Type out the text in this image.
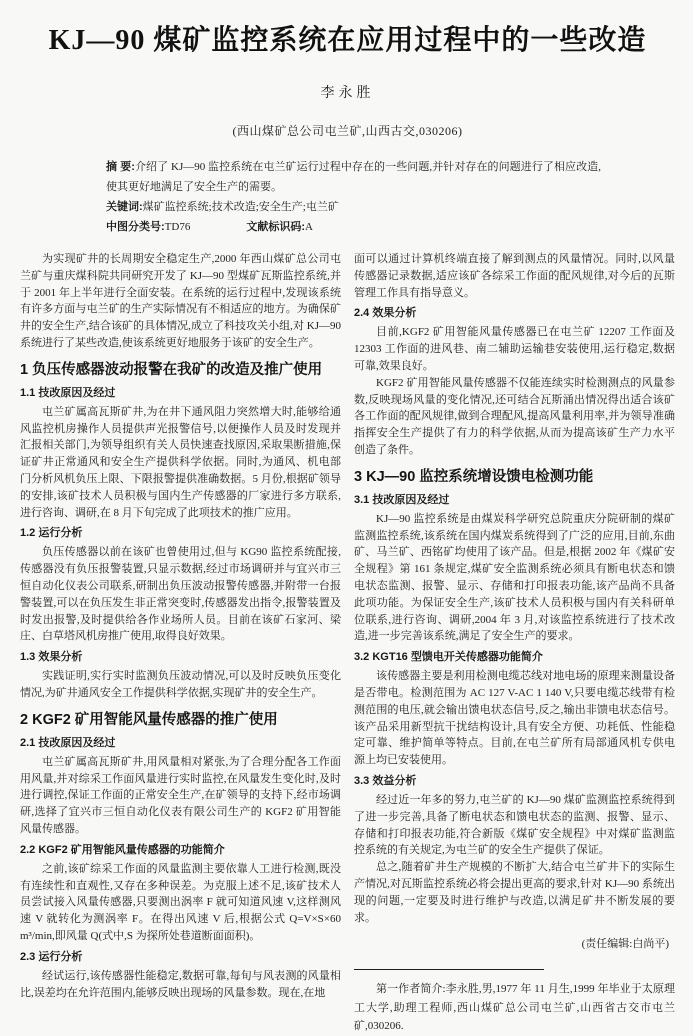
KJ—90 煤矿监控系统在应用过程中的一些改造
李永胜
(西山煤矿总公司屯兰矿,山西古交,030206)

摘 要:介绍了 KJ—90 监控系统在屯兰矿运行过程中存在的一些问题,并针对存在的问题进行了相应改造,使其更好地满足了安全生产的需要。

关键词:煤矿监控系统;技术改造;安全生产;屯兰矿

中图分类号:TD76	文献标识码:A

为实现矿井的长周期安全稳定生产,2000 年西山煤矿总公司屯兰矿与重庆煤科院共同研究开发了 KJ—90 型煤矿瓦斯监控系统,并于 2001 年上半年进行全面安装。在系统的运行过程中,发现该系统有许多方面与屯兰矿的生产实际情况有不相适应的地方。为确保矿井的安全生产,结合该矿的具体情况,成立了科技攻关小组,对 KJ—90 系统进行了某些改造,使该系统更好地服务于该矿的安全生产。

1 负压传感器波动报警在我矿的改造及推广使用
1.1 技改原因及经过

屯兰矿属高瓦斯矿井,为在井下通风阻力突然增大时,能够给通风监控机房操作人员提供声光报警信号,以便操作人员及时发现并汇报相关部门,为领导组织有关人员快速查找原因,采取果断措施,保证矿井正常通风和安全生产提供科学依据。同时,为通风、机电部门分析风机负压上限、下限报警提供准确数据。5 月份,根据矿领导的安排,该矿技术人员积极与国内生产传感器的厂家进行多方联系,进行咨询、调研,在 8 月下旬完成了此项技术的推广应用。

1.2 运行分析

负压传感器以前在该矿也曾使用过,但与 KG90 监控系统配接,传感器没有负压报警装置,只显示数据,经过市场调研并与宜兴市三恒自动化仪表公司联系,研制出负压波动报警传感器,并附带一台报警装置,可以在负压发生非正常突变时,传感器发出指令,报警装置及时发出报警,及时提供给各作业场所人员。目前在该矿石家河、梁庄、白草塔风机房推广使用,取得良好效果。

1.3 效果分析

实践证明,实行实时监测负压波动情况,可以及时反映负压变化情况,为矿井通风安全工作提供科学依据,实现矿井的安全生产。

2 KGF2 矿用智能风量传感器的推广使用
2.1 技改原因及经过

屯兰矿属高瓦斯矿井,用风量相对紧张,为了合理分配各工作面用风量,并对综采工作面风量进行实时监控,在风量发生变化时,及时进行调控,保证工作面的正常安全生产,在矿领导的支持下,经市场调研,选择了宜兴市三恒自动化仪表有限公司生产的 KGF2 矿用智能风量传感器。

2.2 KGF2 矿用智能风量传感器的功能简介

之前,该矿综采工作面的风量监测主要依靠人工进行检测,既没有连续性和直观性,又存在多种误差。为克服上述不足,该矿技术人员尝试接入风量传感器,只要测出涡率 F 就可知道风速 V,这样测风速 V 就转化为测涡率 F。在得出风速 V 后,根据公式 Q=V×S×60 m³/min,即风量 Q(式中,S 为探所处巷道断面面积)。

2.3 运行分析

经试运行,该传感器性能稳定,数据可靠,每旬与风表测的风量相比,误差均在允许范围内,能够反映出现场的风量参数。现在,在地

面可以通过计算机终端直接了解到测点的风量情况。同时,以风量传感器记录数据,适应该矿各综采工作面的配风规律,对今后的瓦斯管理工作具有指导意义。

2.4 效果分析

目前,KGF2 矿用智能风量传感器已在屯兰矿 12207 工作面及 12303 工作面的进风巷、南二辅助运输巷安装使用,运行稳定,数据可靠,效果良好。

KGF2 矿用智能风量传感器不仅能连续实时检测测点的风量参数,反映现场风量的变化情况,还可结合瓦斯涌出情况得出适合该矿各工作面的配风规律,做到合理配风,提高风量利用率,并为领导准确指挥安全生产提供了有力的科学依据,从而为提高该矿生产力水平创造了条件。

3 KJ—90 监控系统增设馈电检测功能
3.1 技改原因及经过

KJ—90 监控系统是由煤炭科学研究总院重庆分院研制的煤矿监测监控系统,该系统在国内煤炭系统得到了广泛的应用,目前,东曲矿、马兰矿、西铭矿均使用了该产品。但是,根据 2002 年《煤矿安全规程》第 161 条规定,煤矿安全监测系统必须具有断电状态和馈电状态监测、报警、显示、存储和打印报表功能,该产品尚不具备此项功能。为保证安全生产,该矿技术人员积极与国内有关科研单位联系,进行咨询、调研,2004 年 3 月,对该监控系统进行了技术改造,进一步完善该系统,满足了安全生产的要求。

3.2 KGT16 型馈电开关传感器功能简介

该传感器主要是利用检测电缆芯线对地电场的原理来测量设备是否带电。检测范围为 AC 127 V-AC 1 140 V,只要电缆芯线带有检测范围的电压,就会输出馈电状态信号,反之,输出非馈电状态信号。该产品采用新型抗干扰结构设计,具有安全方便、功耗低、性能稳定可靠、维护简单等特点。目前,在屯兰矿所有局部通风机专供电源上均已安装使用。

3.3 效益分析

经过近一年多的努力,屯兰矿的 KJ—90 煤矿监测监控系统得到了进一步完善,具备了断电状态和馈电状态的监测、报警、显示、存储和打印报表功能,符合新版《煤矿安全规程》中对煤矿监测监控系统的有关规定,为屯兰矿的安全生产提供了保证。

总之,随着矿井生产规模的不断扩大,结合屯兰矿井下的实际生产情况,对瓦斯监控系统必将会提出更高的要求,针对 KJ—90 系统出现的问题,一定要及时进行维护与改造,以满足矿井不断发展的要求。

(责任编辑:白尚平)

第一作者简介:李永胜,男,1977 年 11 月生,1999 年毕业于太原理工大学,助理工程师,西山煤矿总公司屯兰矿,山西省古交市屯兰矿,030206.
